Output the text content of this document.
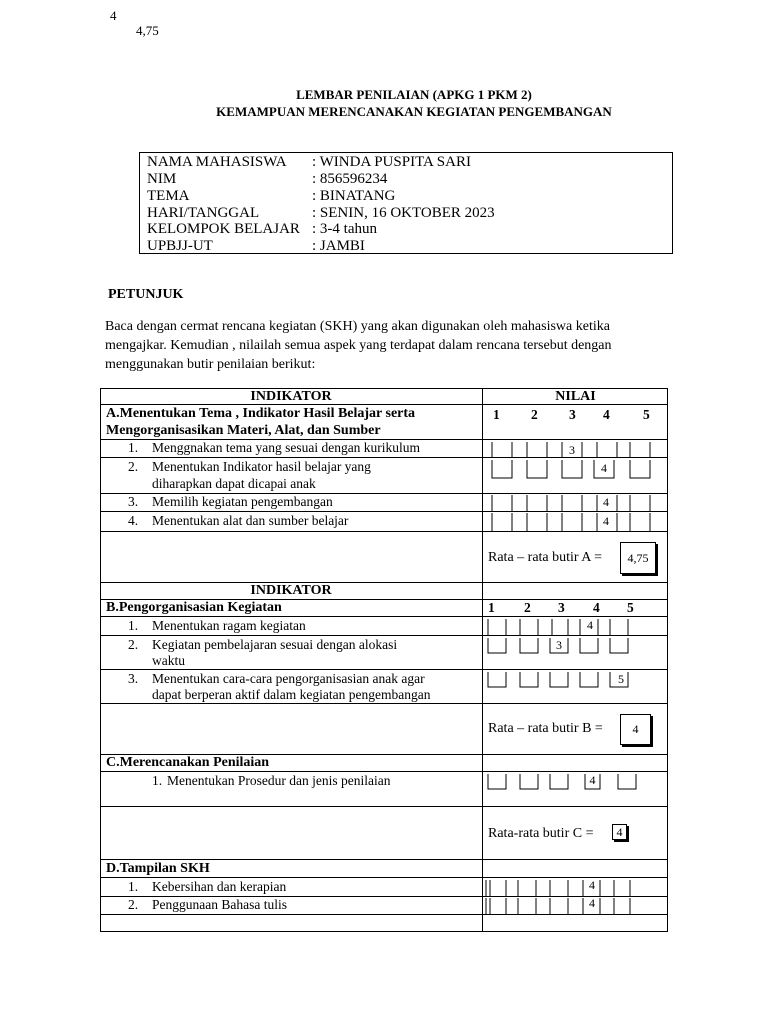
4
4,75
LEMBAR PENILAIAN (APKG 1 PKM 2)
KEMAMPUAN MERENCANAKAN KEGIATAN PENGEMBANGAN
NAMA MAHASISWA : WINDA PUSPITA SARI
NIM	: 856596234
TEMA	: BINATANG
HARI/TANGGAL	: SENIN, 16 OKTOBER 2023
KELOMPOK BELAJAR : 3-4 tahun
UPBJJ-UT	: JAMBI
PETUNJUK
Baca dengan cermat rencana kegiatan (SKH) yang akan digunakan oleh mahasiswa ketika
mengajkar. Kemudian , nilailah semua aspek yang terdapat dalam rencana tersebut dengan
menggunakan butir penilaian berikut:
INDIKATOR	NILAI
A.Menentukan Tema , Indikator Hasil Belajar serta
Mengorganisasikan Materi, Alat, dan Sumber
1 2 3 4 5
1. Menggnakan tema yang sesuai dengan kurikulum	3
2. Menentukan Indikator hasil belajar yang
diharapkan dapat dicapai anak
4
3. Memilih kegiatan pengembangan	4
4. Menentukan alat dan sumber belajar	4
Rata – rata butir A =	4,75
INDIKATOR
B.Pengorganisasian Kegiatan	1 2 3 4 5
1. Menentukan ragam kegiatan	4
2. Kegiatan pembelajaran sesuai dengan alokasi
waktu
3
3. Menentukan cara-cara pengorganisasian anak agar
dapat berperan aktif dalam kegiatan pengembangan
5
Rata – rata butir B =	4
C.Merencanakan Penilaian
1. Menentukan Prosedur dan jenis penilaian	4
Rata-rata butir C =	4
D.Tampilan SKH
1. Kebersihan dan kerapian	4
2. Penggunaan Bahasa tulis	4
